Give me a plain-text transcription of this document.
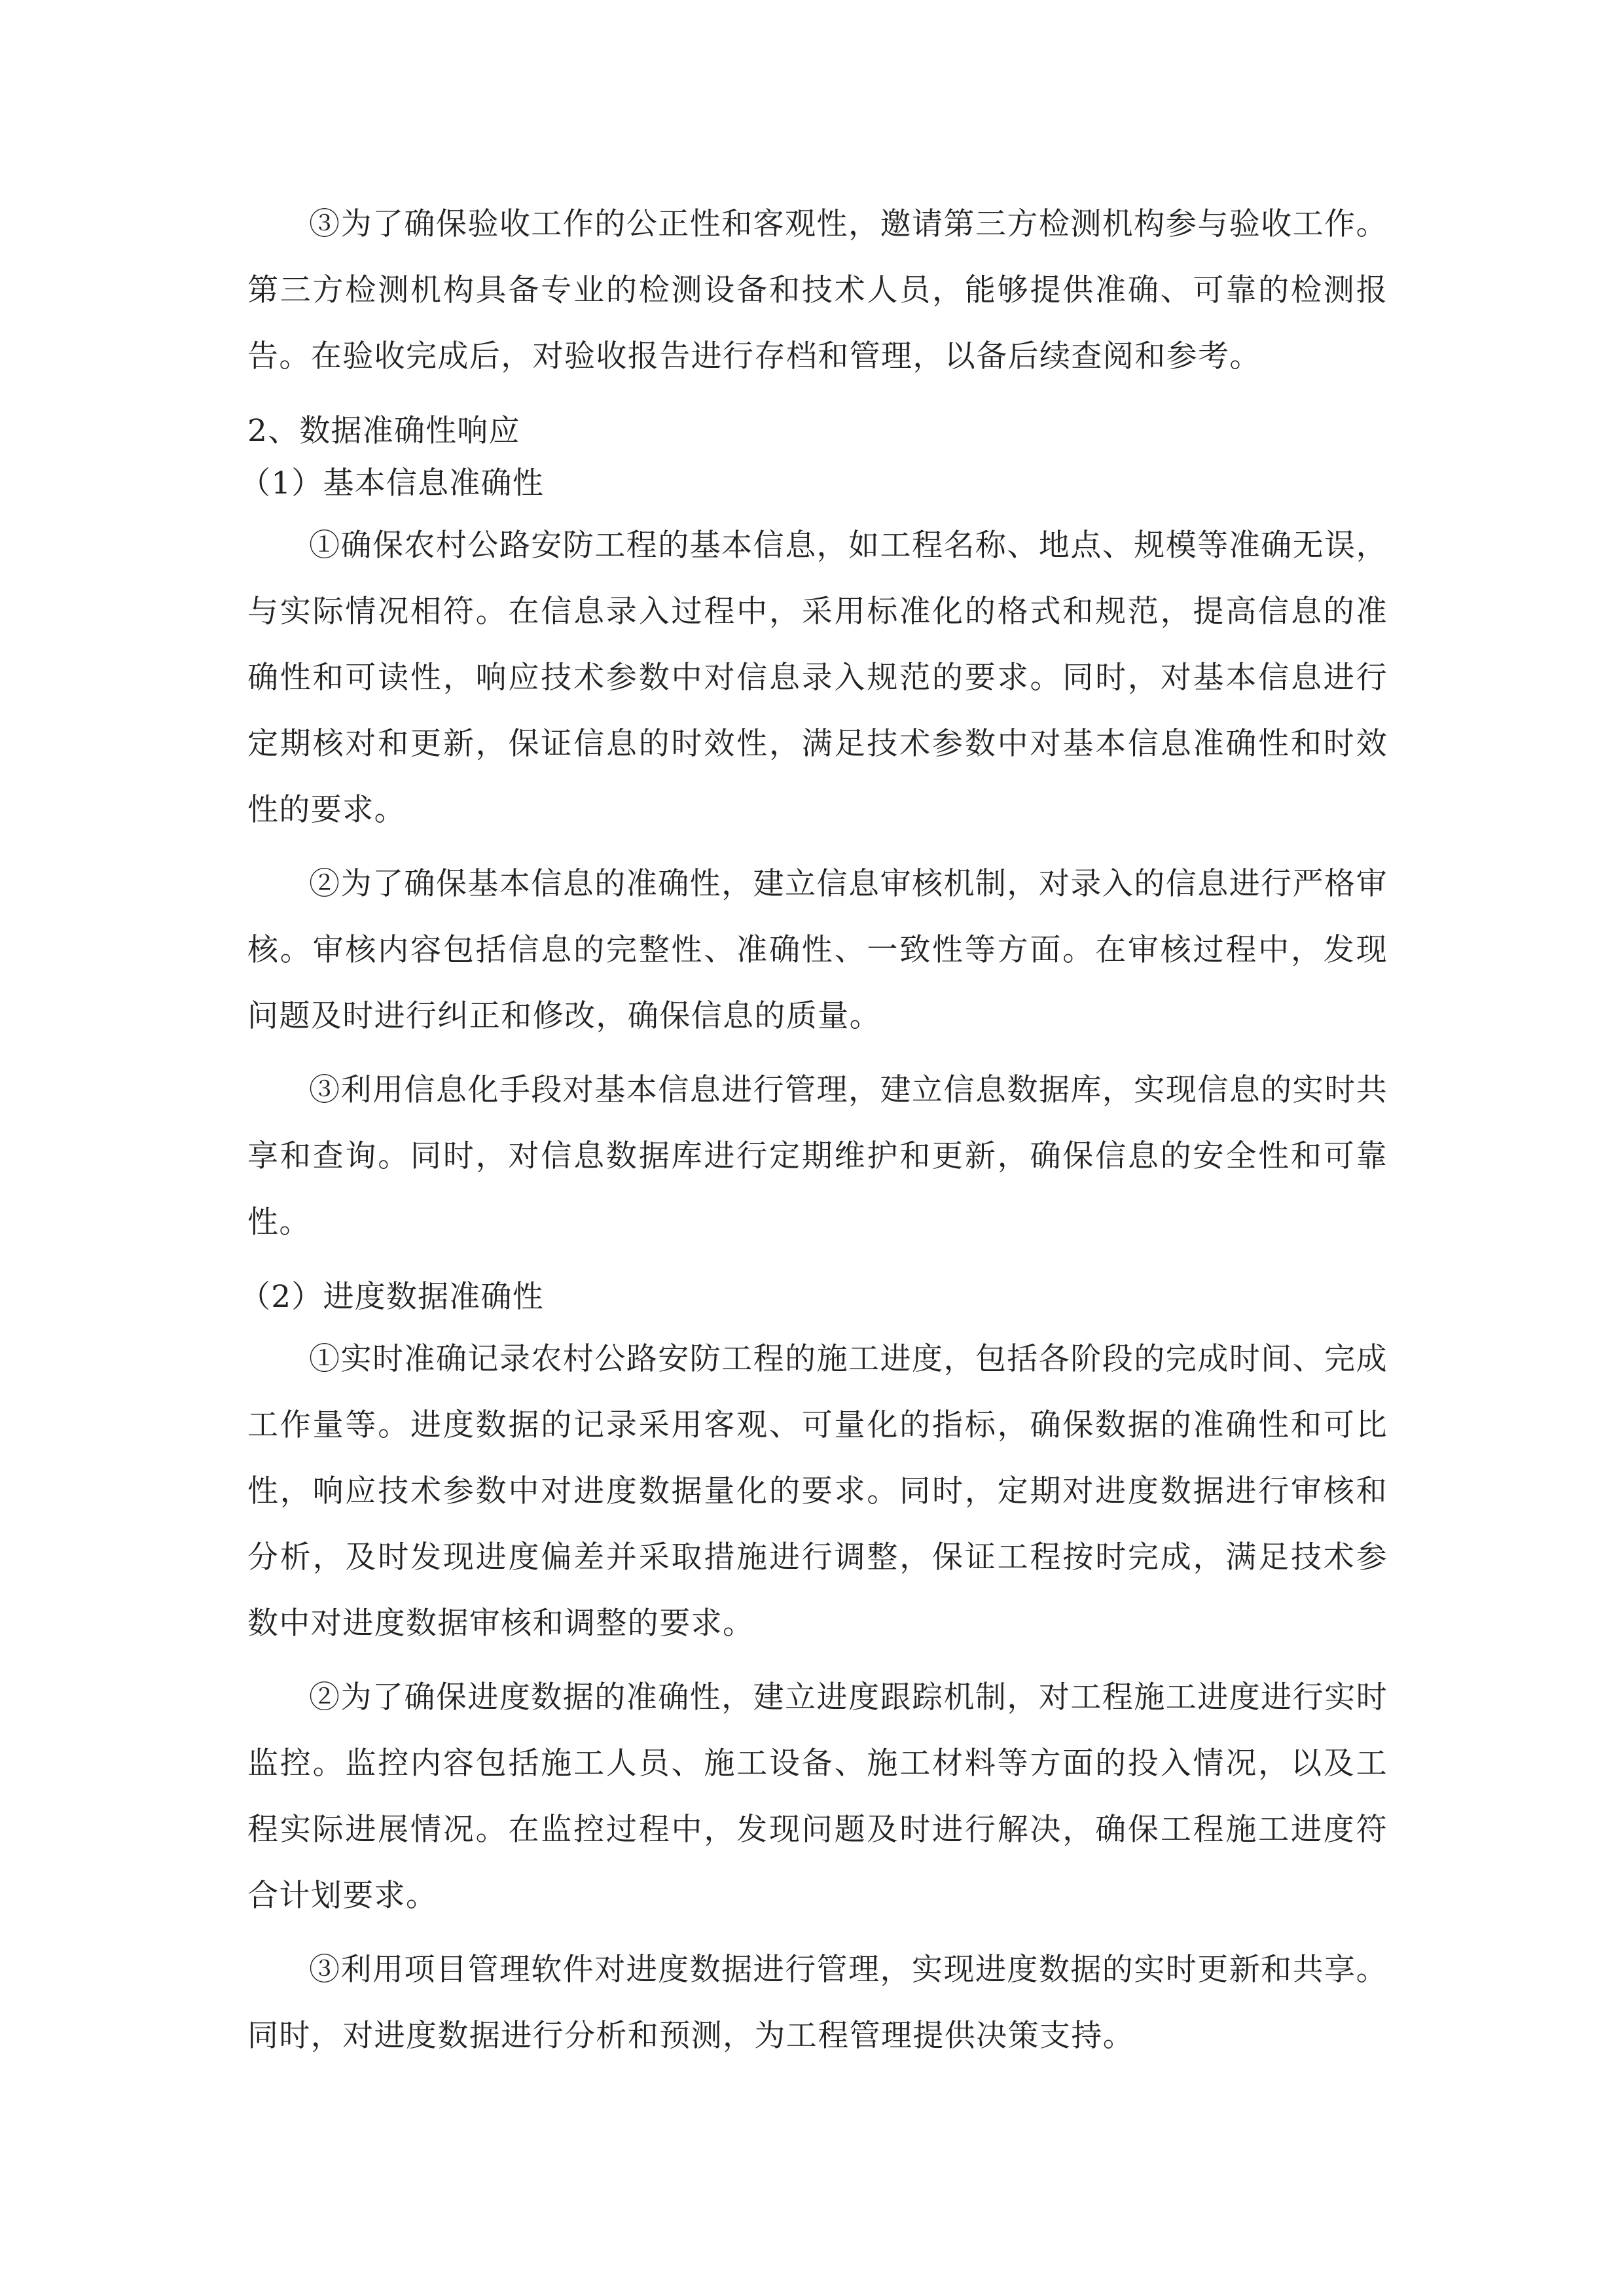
③为了确保验收工作的公正性和客观性，邀请第三方检测机构参与验收工作。第三方检测机构具备专业的检测设备和技术人员，能够提供准确、可靠的检测报告。在验收完成后，对验收报告进行存档和管理，以备后续查阅和参考。

2、数据准确性响应

（1）基本信息准确性

①确保农村公路安防工程的基本信息，如工程名称、地点、规模等准确无误，与实际情况相符。在信息录入过程中，采用标准化的格式和规范，提高信息的准确性和可读性，响应技术参数中对信息录入规范的要求。同时，对基本信息进行定期核对和更新，保证信息的时效性，满足技术参数中对基本信息准确性和时效性的要求。

②为了确保基本信息的准确性，建立信息审核机制，对录入的信息进行严格审核。审核内容包括信息的完整性、准确性、一致性等方面。在审核过程中，发现问题及时进行纠正和修改，确保信息的质量。

③利用信息化手段对基本信息进行管理，建立信息数据库，实现信息的实时共享和查询。同时，对信息数据库进行定期维护和更新，确保信息的安全性和可靠性。

（2）进度数据准确性

①实时准确记录农村公路安防工程的施工进度，包括各阶段的完成时间、完成工作量等。进度数据的记录采用客观、可量化的指标，确保数据的准确性和可比性，响应技术参数中对进度数据量化的要求。同时，定期对进度数据进行审核和分析，及时发现进度偏差并采取措施进行调整，保证工程按时完成，满足技术参数中对进度数据审核和调整的要求。

②为了确保进度数据的准确性，建立进度跟踪机制，对工程施工进度进行实时监控。监控内容包括施工人员、施工设备、施工材料等方面的投入情况，以及工程实际进展情况。在监控过程中，发现问题及时进行解决，确保工程施工进度符合计划要求。

③利用项目管理软件对进度数据进行管理，实现进度数据的实时更新和共享。同时，对进度数据进行分析和预测，为工程管理提供决策支持。
